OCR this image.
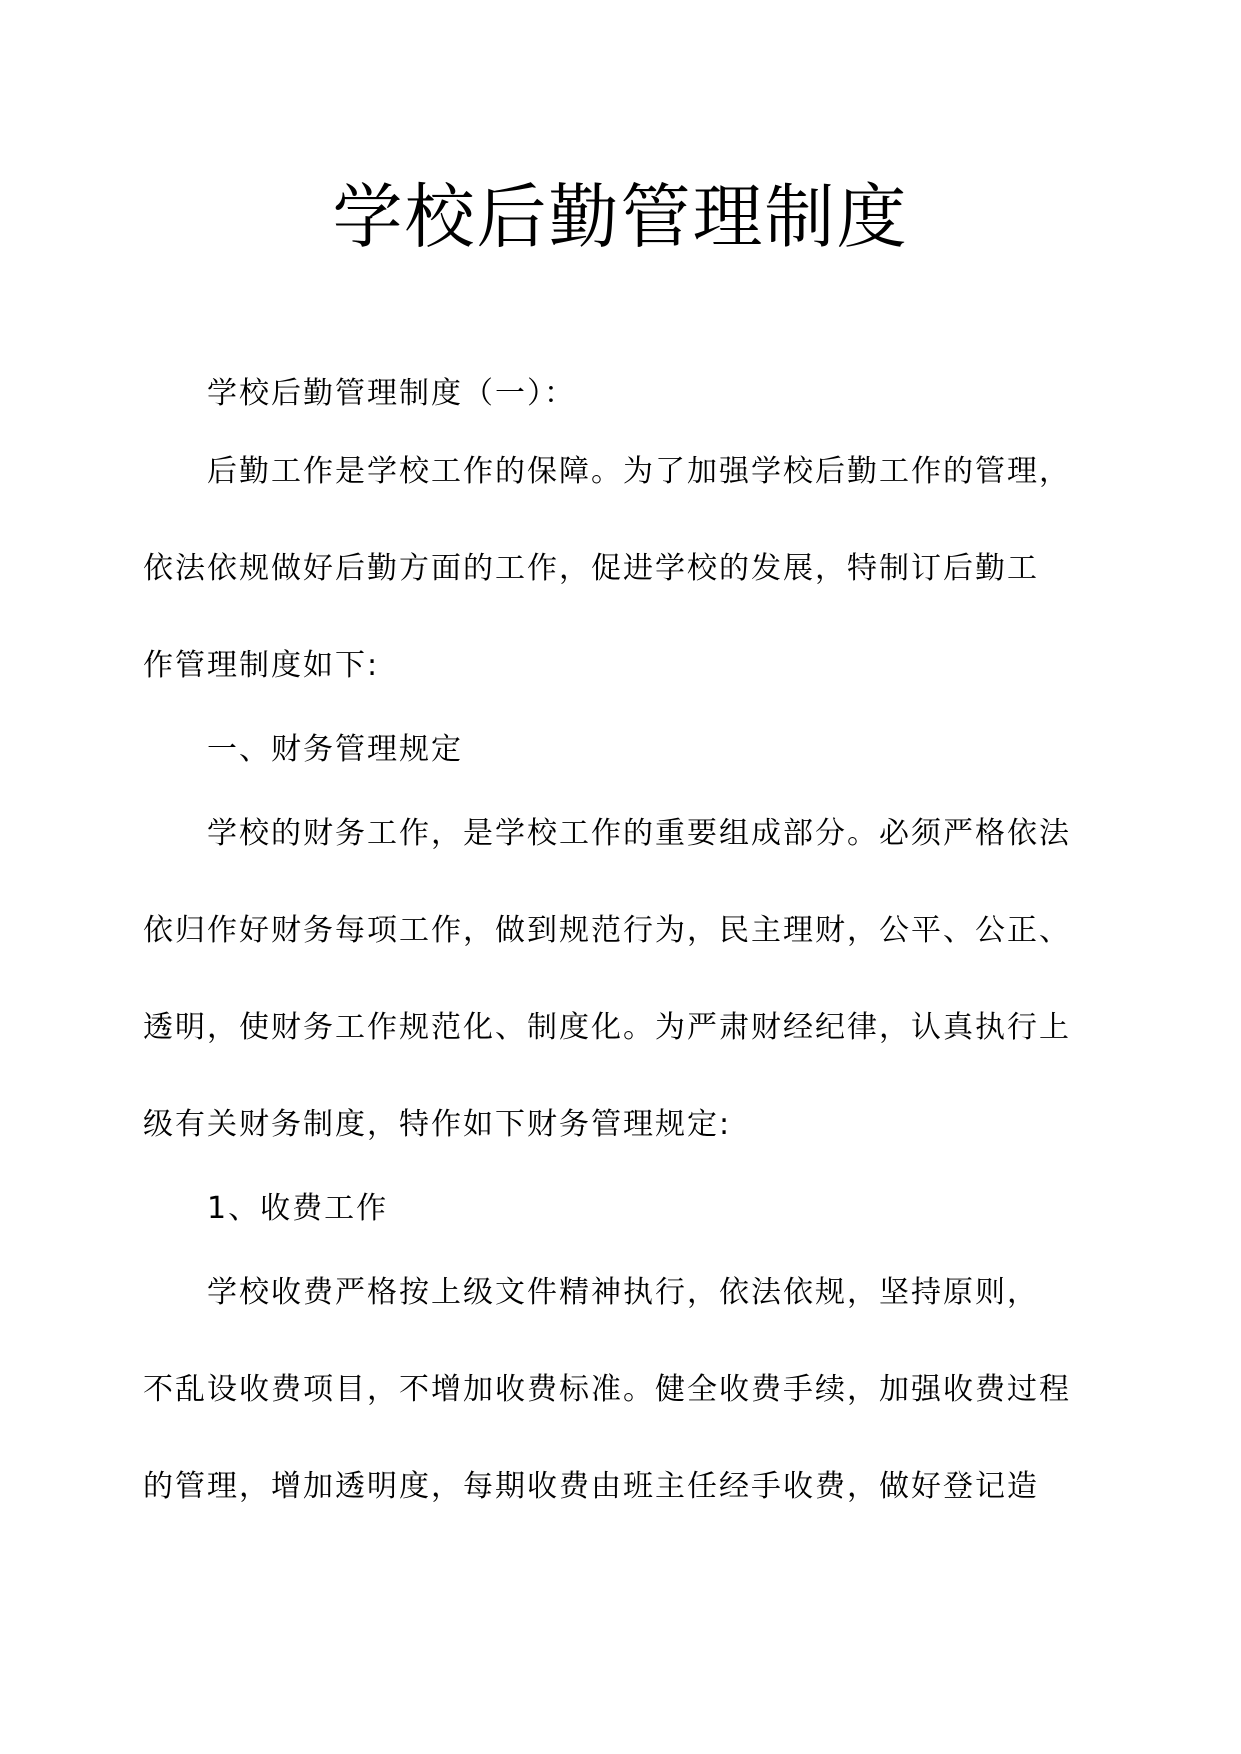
学校后勤管理制度

学校后勤管理制度（一）：

后勤工作是学校工作的保障。为了加强学校后勤工作的管理，

依法依规做好后勤方面的工作，促进学校的发展，特制订后勤工

作管理制度如下:

一、财务管理规定

学校的财务工作，是学校工作的重要组成部分。必须严格依法

依归作好财务每项工作，做到规范行为，民主理财，公平、公正、

透明，使财务工作规范化、制度化。为严肃财经纪律，认真执行上

级有关财务制度，特作如下财务管理规定:

1、收费工作

学校收费严格按上级文件精神执行，依法依规，坚持原则，

不乱设收费项目，不增加收费标准。健全收费手续，加强收费过程

的管理，增加透明度，每期收费由班主任经手收费，做好登记造
